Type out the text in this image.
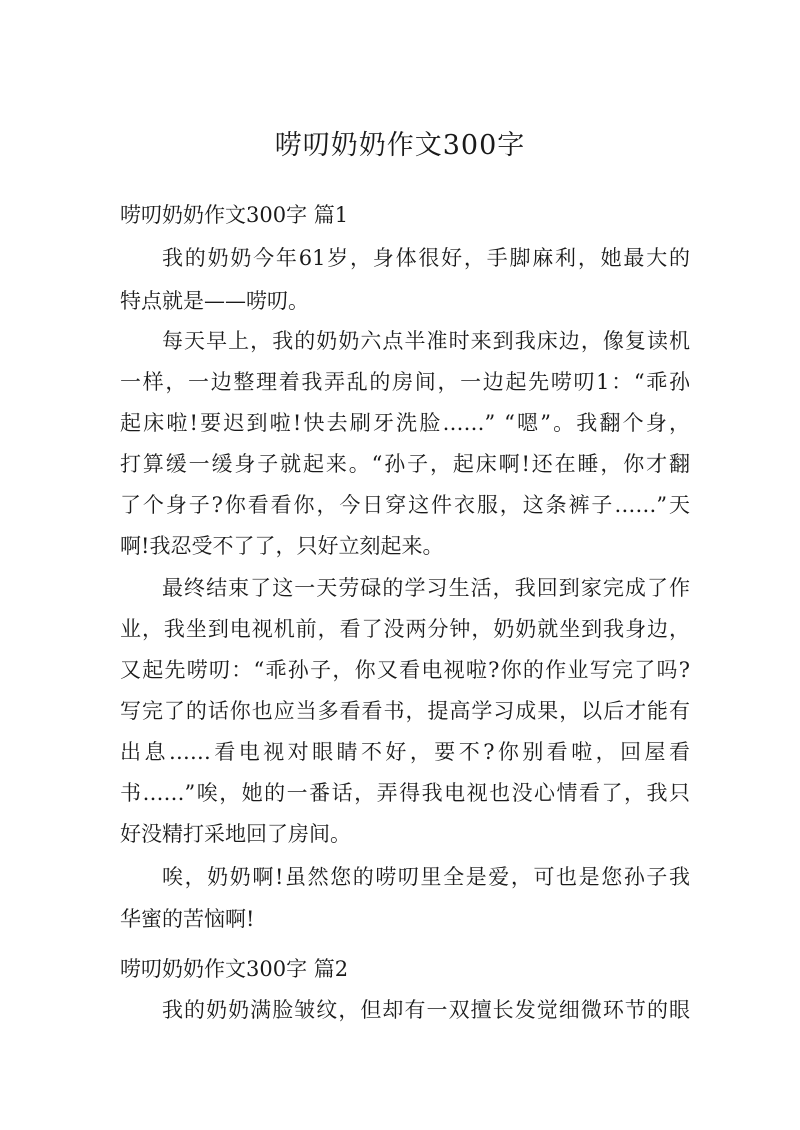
唠叨奶奶作文300字
唠叨奶奶作文300字 篇1
我的奶奶今年61岁，身体很好，手脚麻利，她最大的
特点就是——唠叨。
每天早上，我的奶奶六点半准时来到我床边，像复读机
一样，一边整理着我弄乱的房间，一边起先唠叨1：“乖孙
起床啦!要迟到啦!快去刷牙洗脸……” “嗯”。我翻个身，
打算缓一缓身子就起来。“孙子，起床啊!还在睡，你才翻
了个身子?你看看你，今日穿这件衣服，这条裤子……”天
啊!我忍受不了了，只好立刻起来。
最终结束了这一天劳碌的学习生活，我回到家完成了作
业，我坐到电视机前，看了没两分钟，奶奶就坐到我身边，
又起先唠叨：“乖孙子，你又看电视啦?你的作业写完了吗?
写完了的话你也应当多看看书，提高学习成果，以后才能有
出息……看电视对眼睛不好，要不?你别看啦，回屋看
书……”唉，她的一番话，弄得我电视也没心情看了，我只
好没精打采地回了房间。
唉，奶奶啊!虽然您的唠叨里全是爱，可也是您孙子我
华蜜的苦恼啊!
唠叨奶奶作文300字 篇2
我的奶奶满脸皱纹，但却有一双擅长发觉细微环节的眼
